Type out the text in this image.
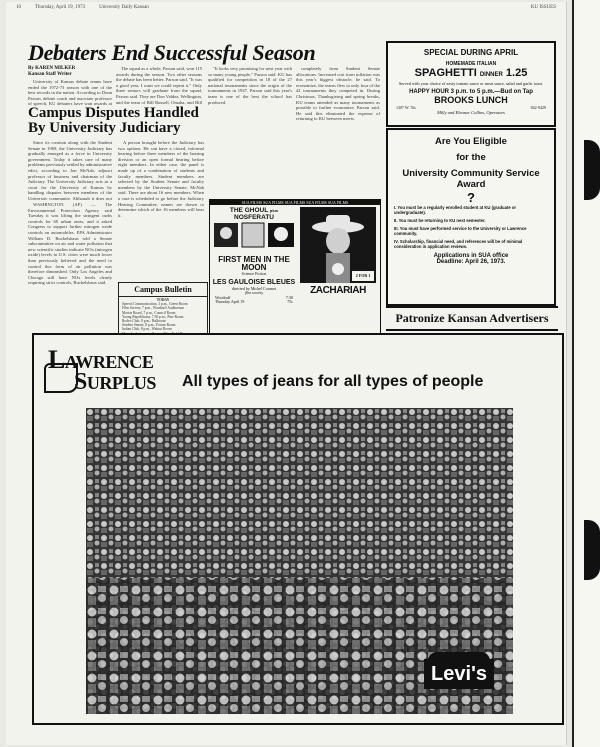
10	Thursday, April 19, 1973	University Daily Kansan	KU ISSUES
Debaters End Successful Season
By KAREN MILKER
Kansan Staff Writer

University of Kansas debate teams have ended the 1972-73 season with one of the best records in the nation. According to Donn Parson, debate coach and associate professor of speech, KU debaters have won awards at

The squad as a whole, Parson said, won 115 awards during the season. Two other seasons the debate has been better, Parson said. "It was a good year, I want we could repeat it." Only three seniors will graduate from the squad, Parson said. They are Don Valdez, Wellington, and the team of Bill Russell, Omaha, and Bill

"It looks very promising for next year with so many young people," Parson said. KU has qualified for competition in 18 of the 27 national tournaments since the origin of the tournaments in 1947. Parson said this year's team is one of the best the school has produced.

completely from Student Senate allocations. Increased cost from inflation was this year's biggest obstacle, he said. To economize, the teams flew to only four of the 42 tournaments they competed in. During Christmas, Thanksgiving and spring breaks, KU teams attended as many tournaments as possible to further economize, Parson said. He said this eliminated the expense of returning to KU between meets.

Campus Disputes Handled By University Judiciary

Since its creation along with the Student Senate in 1969, the University Judiciary has gradually emerged as a force in University government. Today it takes care of many problems previously settled by administrative edict, according to Jon McNab, adjunct professor of business and chairman of the Judiciary. The University Judiciary acts as a court for the University of Kansas by handling disputes between members of the University community. Although it does not

A person brought before the Judiciary has two options. He can have a closed, informal hearing before three members of the hearing division or an open formal hearing before eight members. In either case, the panel is made up of a combination of students and faculty members. Student members are selected by the Student Senate and faculty members by the University Senate, McNab said. There are about 16 new members. When a case is scheduled to go before the Judiciary Hearing Committee, names are drawn to determine which of the 16 members will hear it.

WASHINGTON (AP) — The Environmental Protection Agency said Tuesday it was lifting the stringent curbs controls for 60 urban areas, and it asked Congress to support further nitrogen oxide controls on automobiles. EPA Administrator William D. Ruckelshaus told a Senate subcommittee on air and water pollution that new scientific studies indicate NOx (nitrogen oxide) levels in U.S. cities were much lower than previously believed and the need to control this form of air pollution was therefore diminished. Only Los Angeles and Chicago still have NOx levels clearly requiring strict controls, Ruckelshaus said.

Campus Bulletin
TODAY
Speech Communication, 3 p.m., Green Room
Film Society, 7 p.m., Woodruff Auditorium
Mortar Board, 7 p.m., Council Room
Young Republicans, 7:30 p.m., Pine Room
Rodeo Club, 8 p.m., Ballroom
Student Senate, 8 p.m., Forum Room
Indian Club, 8 p.m., Walnut Room
SUA FILMS SUA FILMS SUA FILMS SUA FILMS SUA FILMS
THE GHOUL plus NOSFERATU
FIRST MEN IN THE MOON
Science Fiction
LES GAULOISE BLEUES
directed by Michel Cournot
film society
Woodruff	7:30
Thursday April 19	75c
2 FOR 1
ZACHARIAH
SPECIAL DURING APRIL
HOMEMADE ITALIAN
SPAGHETTI DINNER 1.25
Served with your choice of zesty tomato sauce or meat sauce, salad and garlic toast.
HAPPY HOUR 3 p.m. to 5 p.m.—Bud on Tap
BROOKS LUNCH
1307 W. 7th	842-9429
Milly and Eleanor Collins, Operators
Are You Eligible
for the
University Community Service Award
?
I. You must be a regularly enrolled student at KU (graduate or undergraduate).
II. You must be returning to KU next semester.
III. You must have performed service to the University or Lawrence community.
IV. Scholarship, financial need, and references will be of minimal consideration in application reviews.
Applications in SUA office
Deadline: April 26, 1973.
Patronize Kansan Advertisers
LAWRENCE
SURPLUS All types of jeans for all types of people
Levi's
